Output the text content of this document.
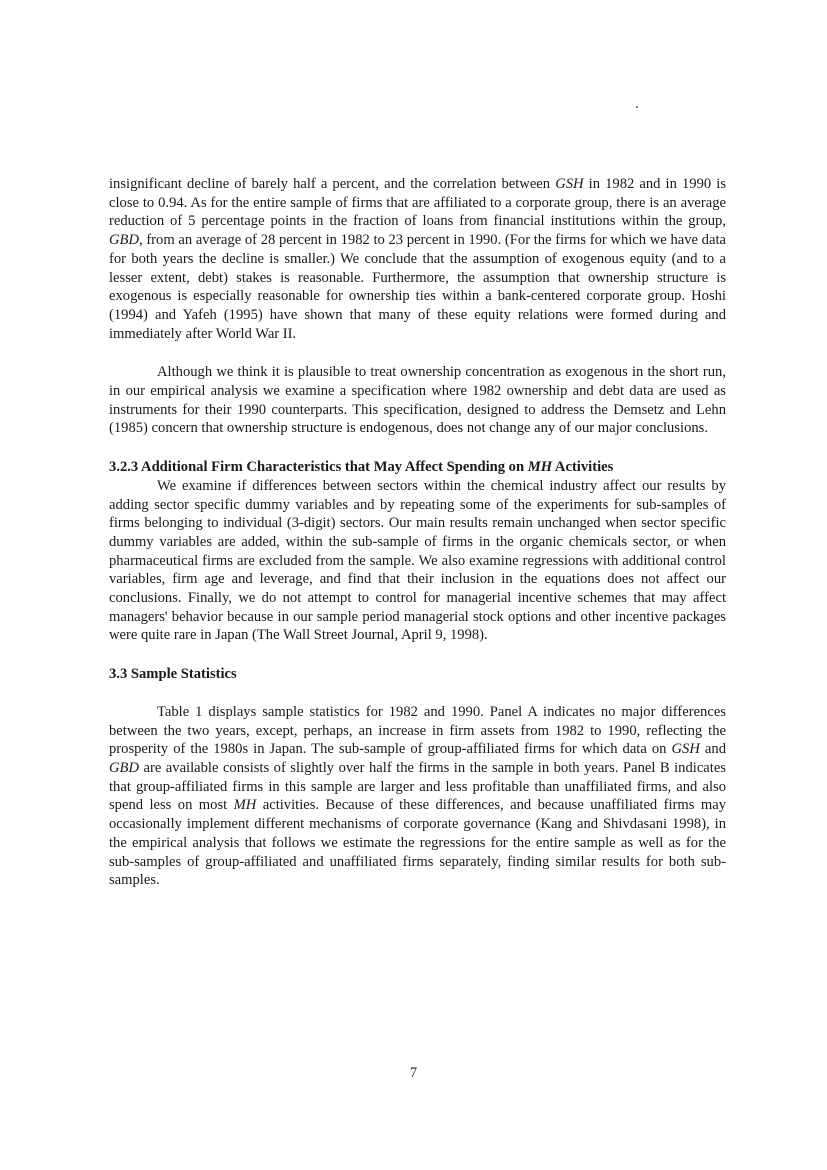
insignificant decline of barely half a percent, and the correlation between GSH in 1982 and in 1990 is close to 0.94. As for the entire sample of firms that are affiliated to a corporate group, there is an average reduction of 5 percentage points in the fraction of loans from financial institutions within the group, GBD, from an average of 28 percent in 1982 to 23 percent in 1990. (For the firms for which we have data for both years the decline is smaller.) We conclude that the assumption of exogenous equity (and to a lesser extent, debt) stakes is reasonable. Furthermore, the assumption that ownership structure is exogenous is especially reasonable for ownership ties within a bank-centered corporate group. Hoshi (1994) and Yafeh (1995) have shown that many of these equity relations were formed during and immediately after World War II.

Although we think it is plausible to treat ownership concentration as exogenous in the short run, in our empirical analysis we examine a specification where 1982 ownership and debt data are used as instruments for their 1990 counterparts. This specification, designed to address the Demsetz and Lehn (1985) concern that ownership structure is endogenous, does not change any of our major conclusions.

3.2.3 Additional Firm Characteristics that May Affect Spending on MH Activities

We examine if differences between sectors within the chemical industry affect our results by adding sector specific dummy variables and by repeating some of the experiments for sub-samples of firms belonging to individual (3-digit) sectors. Our main results remain unchanged when sector specific dummy variables are added, within the sub-sample of firms in the organic chemicals sector, or when pharmaceutical firms are excluded from the sample. We also examine regressions with additional control variables, firm age and leverage, and find that their inclusion in the equations does not affect our conclusions. Finally, we do not attempt to control for managerial incentive schemes that may affect managers' behavior because in our sample period managerial stock options and other incentive packages were quite rare in Japan (The Wall Street Journal, April 9, 1998).

3.3 Sample Statistics

Table 1 displays sample statistics for 1982 and 1990. Panel A indicates no major differences between the two years, except, perhaps, an increase in firm assets from 1982 to 1990, reflecting the prosperity of the 1980s in Japan. The sub-sample of group-affiliated firms for which data on GSH and GBD are available consists of slightly over half the firms in the sample in both years. Panel B indicates that group-affiliated firms in this sample are larger and less profitable than unaffiliated firms, and also spend less on most MH activities. Because of these differences, and because unaffiliated firms may occasionally implement different mechanisms of corporate governance (Kang and Shivdasani 1998), in the empirical analysis that follows we estimate the regressions for the entire sample as well as for the sub-samples of group-affiliated and unaffiliated firms separately, finding similar results for both sub-samples.

7
